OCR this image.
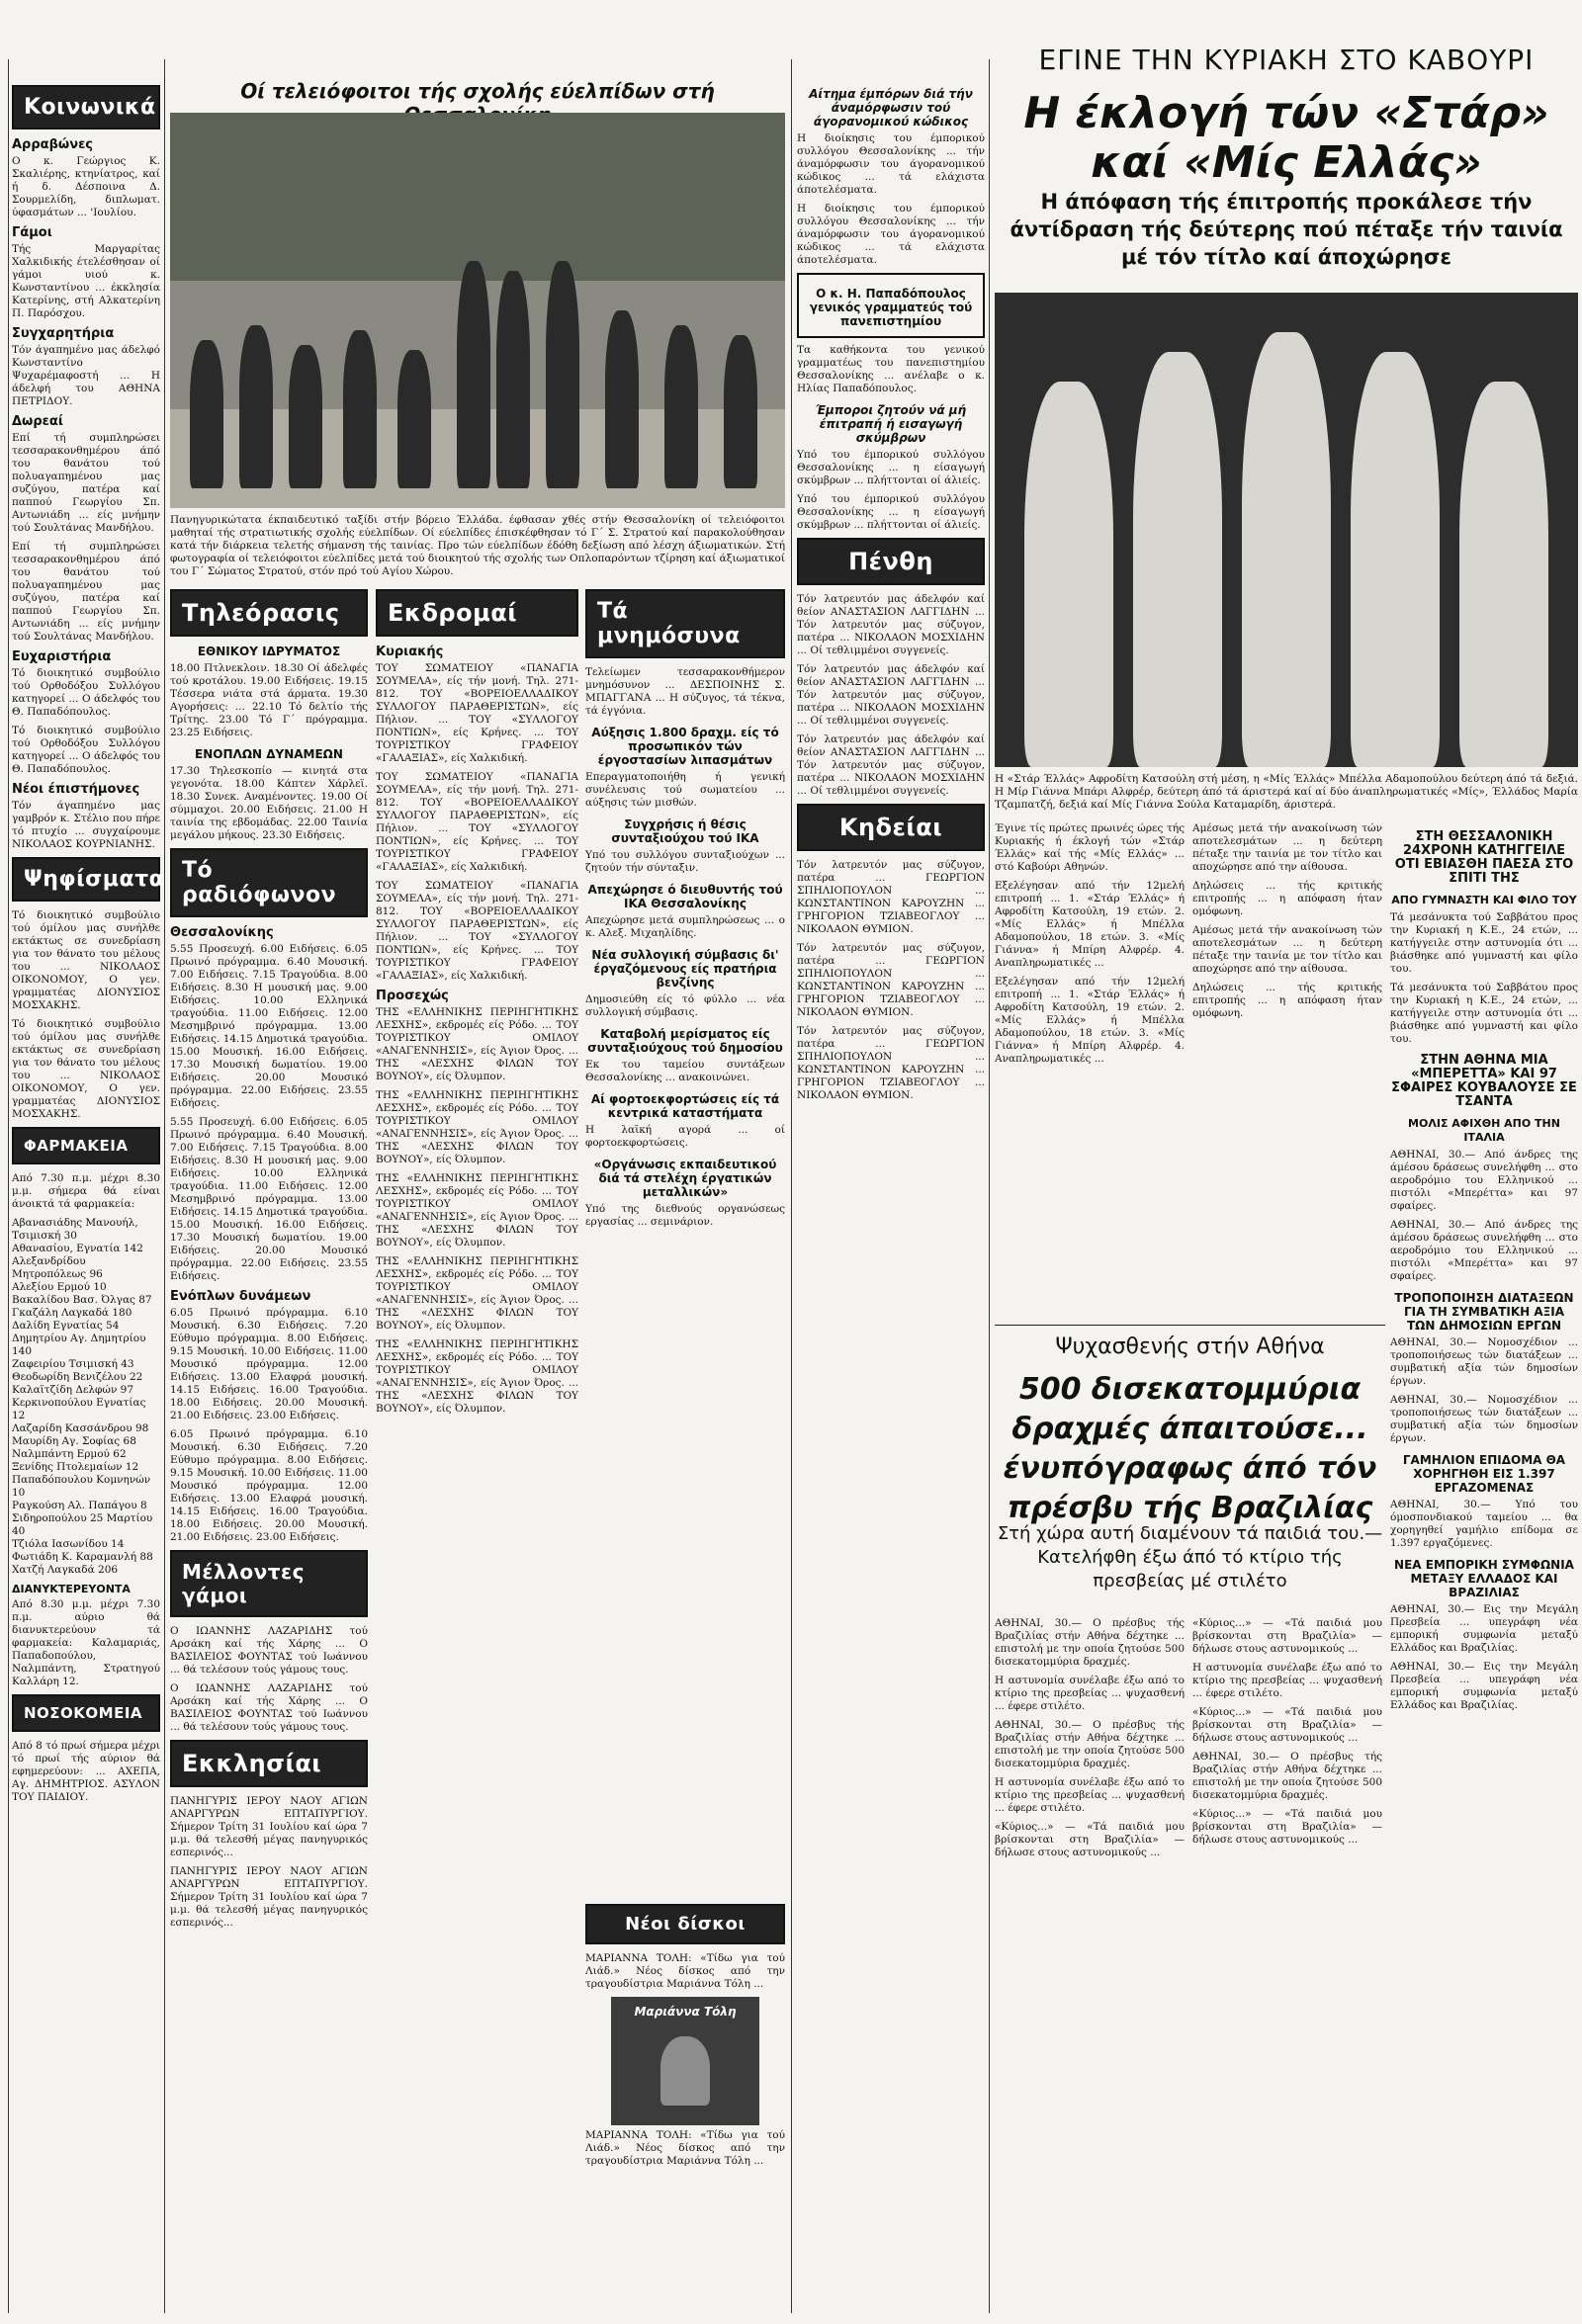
Κοινωνικά
Αρραβώνες

Ο κ. Γεώργιος Κ. Σκαλιέρης, κτηνίατρος, καί ή δ. Δέσποινα Δ. Σουρμελίδη, διπλωματ. ύφασμάτων ... 'Ιουλίου.

Γάμοι

Τής Μαργαρίτας Χαλκιδικής έτελέσθησαν οί γάμοι υιού κ. Κωνσταντίνου ... έκκλησία Κατερίνης, στή Αλκατερίνη Π. Παρόσχου.

Συγχαρητήρια

Τόν άγαπημένο μας άδελφό Κωνσταντίνο Ψυχαρέμαφοστή ... Η άδελφή του ΑΘΗΝΑ ΠΕΤΡΙΔΟΥ.

Δωρεαί

Επί τή συμπληρώσει τεσσαρακονθημέρου άπό του θανάτου τού πολυαγαπημένου μας συζύγου, πατέρα καί παππού Γεωργίου Σπ. Αντωνιάδη ... είς μνήμην τού Σουλτάνας Μανδήλου.

Επί τή συμπληρώσει τεσσαρακονθημέρου άπό του θανάτου τού πολυαγαπημένου μας συζύγου, πατέρα καί παππού Γεωργίου Σπ. Αντωνιάδη ... είς μνήμην τού Σουλτάνας Μανδήλου.

Ευχαριστήρια

Τό διοικητικό συμβούλιο τού Ορθοδόξου Συλλόγου κατηγορεί ... Ο άδελφός του Θ. Παπαδόπουλος.

Τό διοικητικό συμβούλιο τού Ορθοδόξου Συλλόγου κατηγορεί ... Ο άδελφός του Θ. Παπαδόπουλος.

Νέοι έπιστήμονες

Τόν άγαπημένο μας γαμβρόν κ. Στέλιο που πήρε τό πτυχίο ... συγχαίρουμε ΝΙΚΟΛΑΟΣ ΚΟΥΡΝΙΑΝΗΣ.

Ψηφίσματα

Τό διοικητικό συμβούλιο τού όμίλου μας συνήλθε εκτάκτως σε συνεδρίαση για τον θάνατο του μέλους του ... ΝΙΚΟΛΑΟΣ ΟΙΚΟΝΟΜΟΥ, Ο γεν. γραμματέας ΔΙΟΝΥΣΙΟΣ ΜΟΣΧΑΚΗΣ.

Τό διοικητικό συμβούλιο τού όμίλου μας συνήλθε εκτάκτως σε συνεδρίαση για τον θάνατο του μέλους του ... ΝΙΚΟΛΑΟΣ ΟΙΚΟΝΟΜΟΥ, Ο γεν. γραμματέας ΔΙΟΝΥΣΙΟΣ ΜΟΣΧΑΚΗΣ.

ΦΑΡΜΑΚΕΙΑ

Από 7.30 π.μ. μέχρι 8.30 μ.μ. σήμερα θά είναι άνοικτά τά φαρμακεία:

Αβανασιάδης Μανουήλ, Τσιμισκή 30
Αθανασίου, Εγνατία 142
Αλεξανδρίδου Μητροπόλεως 96
Αλεξίου Ερμού 10
Βακαλίδου Βασ. Όλγας 87
Γκαζάλη Λαγκαδά 180
Δαλίδη Εγνατίας 54
Δημητρίου Αγ. Δημητρίου 140
Ζαφειρίου Τσιμισκή 43
Θεοδωρίδη Βενιζέλου 22
Καλαϊτζίδη Δελφών 97
Κερκινοπούλου Εγνατίας 12
Λαζαρίδη Κασσάνδρου 98
Μαυρίδη Αγ. Σοφίας 68
Ναλμπάντη Ερμού 62
Ξενίδης Πτολεμαίων 12
Παπαδόπουλου Κομνηνών 10
Ραγκούση Αλ. Παπάγου 8
Σιδηροπούλου 25 Μαρτίου 40
Τζιόλα Ιασωνίδου 14
Φωτιάδη Κ. Καραμανλή 88
Χατζή Λαγκαδά 206
ΔΙΑΝΥΚΤΕΡΕΥΟΝΤΑ

Από 8.30 μ.μ. μέχρι 7.30 π.μ. αύριο θά διανυκτερεύουν τά φαρμακεία: Καλαμαριάς, Παπαδοπούλου, Ναλμπάντη, Στρατηγού Καλλάρη 12.

ΝΟΣΟΚΟΜΕΙΑ

Από 8 τό πρωί σήμερα μέχρι τό πρωί τής αύριον θά εφημερεύουν: ... ΑΧΕΠΑ, Αγ. ΔΗΜΗΤΡΙΟΣ. ΑΣΥΛΟΝ ΤΟΥ ΠΑΙΔΙΟΥ.

Οί τελειόφοιτοι τής σχολής εύελπίδων στή
Πανηγυρικώτατα έκπαιδευτικό ταξίδι στήν βόρειο Έλλάδα. έφθασαν χθές στήν Θεσσαλονίκη οί τελειόφοιτοι μαθηταί τής στρατιωτικής σχολής εύελπίδων. Οί εύελπίδες έπισκέφθησαν τό Γ΄ Σ. Στρατού καί παρακολούθησαν κατά τήν διάρκεια τελετής σήμανση τής ταινίας. Προ τών εύελπίδων έδόθη δεξίωση από λέσχη άξιωματικών. Στή φωτογραφία οί τελειόφοιτοι εύελπίδες μετά τού διοικητού τής σχολής των Οπλοπαρόντων τζίρηση καί άξιωματικοί του Γ΄ Σώματος Στρατού, στόν πρό τού Αγίου Χώρου.
Τηλεόρασις
ΕΘΝΙΚΟΥ ΙΔΡΥΜΑΤΟΣ

18.00 Πτλνεκλοιν. 18.30 Οί άδελφές τού κροτάλου. 19.00 Ειδήσεις. 19.15 Τέσσερα νιάτα στά άρματα. 19.30 Αγορήσεις: ... 22.10 Τό δελτίο τής Τρίτης. 23.00 Τό Γ΄ πρόγραμμα. 23.25 Ειδήσεις.

ΕΝΟΠΛΩΝ ΔΥΝΑΜΕΩΝ

17.30 Τηλεσκοπίο — κινητά στα γεγονότα. 18.00 Κάπτεν Χάρλεϊ. 18.30 Συνεκ. Αναμένοντες. 19.00 Οί σύμμαχοι. 20.00 Ειδήσεις. 21.00 Η ταινία της εβδομάδας. 22.00 Ταινία μεγάλου μήκους. 23.30 Ειδήσεις.

Τό ραδιόφωνον
Θεσσαλονίκης

5.55 Προσευχή. 6.00 Ειδήσεις. 6.05 Πρωινό πρόγραμμα. 6.40 Μουσική. 7.00 Ειδήσεις. 7.15 Τραγούδια. 8.00 Ειδήσεις. 8.30 Η μουσική μας. 9.00 Ειδήσεις. 10.00 Ελληνικά τραγούδια. 11.00 Ειδήσεις. 12.00 Μεσημβρινό πρόγραμμα. 13.00 Ειδήσεις. 14.15 Δημοτικά τραγούδια. 15.00 Μουσική. 16.00 Ειδήσεις. 17.30 Μουσική δωματίου. 19.00 Ειδήσεις. 20.00 Μουσικό πρόγραμμα. 22.00 Ειδήσεις. 23.55 Ειδήσεις.

5.55 Προσευχή. 6.00 Ειδήσεις. 6.05 Πρωινό πρόγραμμα. 6.40 Μουσική. 7.00 Ειδήσεις. 7.15 Τραγούδια. 8.00 Ειδήσεις. 8.30 Η μουσική μας. 9.00 Ειδήσεις. 10.00 Ελληνικά τραγούδια. 11.00 Ειδήσεις. 12.00 Μεσημβρινό πρόγραμμα. 13.00 Ειδήσεις. 14.15 Δημοτικά τραγούδια. 15.00 Μουσική. 16.00 Ειδήσεις. 17.30 Μουσική δωματίου. 19.00 Ειδήσεις. 20.00 Μουσικό πρόγραμμα. 22.00 Ειδήσεις. 23.55 Ειδήσεις.

Ενόπλων δυνάμεων

6.05 Πρωινό πρόγραμμα. 6.10 Μουσική. 6.30 Ειδήσεις. 7.20 Εύθυμο πρόγραμμα. 8.00 Ειδήσεις. 9.15 Μουσική. 10.00 Ειδήσεις. 11.00 Μουσικό πρόγραμμα. 12.00 Ειδήσεις. 13.00 Ελαφρά μουσική. 14.15 Ειδήσεις. 16.00 Τραγούδια. 18.00 Ειδήσεις. 20.00 Μουσική. 21.00 Ειδήσεις. 23.00 Ειδήσεις.

6.05 Πρωινό πρόγραμμα. 6.10 Μουσική. 6.30 Ειδήσεις. 7.20 Εύθυμο πρόγραμμα. 8.00 Ειδήσεις. 9.15 Μουσική. 10.00 Ειδήσεις. 11.00 Μουσικό πρόγραμμα. 12.00 Ειδήσεις. 13.00 Ελαφρά μουσική. 14.15 Ειδήσεις. 16.00 Τραγούδια. 18.00 Ειδήσεις. 20.00 Μουσική. 21.00 Ειδήσεις. 23.00 Ειδήσεις.

Μέλλοντες γάμοι

Ο ΙΩΑΝΝΗΣ ΛΑΖΑΡΙΔΗΣ τού Αρσάκη καί τής Χάρης ... Ο ΒΑΣΙΛΕΙΟΣ ΦΟΥΝΤΑΣ τού Ιωάννου ... θά τελέσουν τούς γάμους τους.

Ο ΙΩΑΝΝΗΣ ΛΑΖΑΡΙΔΗΣ τού Αρσάκη καί τής Χάρης ... Ο ΒΑΣΙΛΕΙΟΣ ΦΟΥΝΤΑΣ τού Ιωάννου ... θά τελέσουν τούς γάμους τους.

Εκκλησίαι

ΠΑΝΗΓΥΡΙΣ ΙΕΡΟΥ ΝΑΟΥ ΑΓΙΩΝ ΑΝΑΡΓΥΡΩΝ ΕΠΤΑΠΥΡΓΙΟΥ. Σήμερον Τρίτη 31 Ιουλίου καί ώρα 7 μ.μ. θά τελεσθή μέγας πανηγυρικός εσπερινός...

ΠΑΝΗΓΥΡΙΣ ΙΕΡΟΥ ΝΑΟΥ ΑΓΙΩΝ ΑΝΑΡΓΥΡΩΝ ΕΠΤΑΠΥΡΓΙΟΥ. Σήμερον Τρίτη 31 Ιουλίου καί ώρα 7 μ.μ. θά τελεσθή μέγας πανηγυρικός εσπερινός...

Εκδρομαί
Κυριακής

ΤΟΥ ΣΩΜΑΤΕΙΟΥ «ΠΑΝΑΓΙΑ ΣΟΥΜΕΛΑ», είς τήν μονή. Τηλ. 271-812. ΤΟΥ «ΒΟΡΕΙΟΕΛΛΑΔΙΚΟΥ ΣΥΛΛΟΓΟΥ ΠΑΡΑΘΕΡΙΣΤΩΝ», είς Πήλιον. ... ΤΟΥ «ΣΥΛΛΟΓΟΥ ΠΟΝΤΙΩΝ», είς Κρήνες. ... ΤΟΥ ΤΟΥΡΙΣΤΙΚΟΥ ΓΡΑΦΕΙΟΥ «ΓΑΛΑΞΙΑΣ», είς Χαλκιδική.

ΤΟΥ ΣΩΜΑΤΕΙΟΥ «ΠΑΝΑΓΙΑ ΣΟΥΜΕΛΑ», είς τήν μονή. Τηλ. 271-812. ΤΟΥ «ΒΟΡΕΙΟΕΛΛΑΔΙΚΟΥ ΣΥΛΛΟΓΟΥ ΠΑΡΑΘΕΡΙΣΤΩΝ», είς Πήλιον. ... ΤΟΥ «ΣΥΛΛΟΓΟΥ ΠΟΝΤΙΩΝ», είς Κρήνες. ... ΤΟΥ ΤΟΥΡΙΣΤΙΚΟΥ ΓΡΑΦΕΙΟΥ «ΓΑΛΑΞΙΑΣ», είς Χαλκιδική.

ΤΟΥ ΣΩΜΑΤΕΙΟΥ «ΠΑΝΑΓΙΑ ΣΟΥΜΕΛΑ», είς τήν μονή. Τηλ. 271-812. ΤΟΥ «ΒΟΡΕΙΟΕΛΛΑΔΙΚΟΥ ΣΥΛΛΟΓΟΥ ΠΑΡΑΘΕΡΙΣΤΩΝ», είς Πήλιον. ... ΤΟΥ «ΣΥΛΛΟΓΟΥ ΠΟΝΤΙΩΝ», είς Κρήνες. ... ΤΟΥ ΤΟΥΡΙΣΤΙΚΟΥ ΓΡΑΦΕΙΟΥ «ΓΑΛΑΞΙΑΣ», είς Χαλκιδική.

Προσεχώς

ΤΗΣ «ΕΛΛΗΝΙΚΗΣ ΠΕΡΙΗΓΗΤΙΚΗΣ ΛΕΣΧΗΣ», εκδρομές είς Ρόδο. ... ΤΟΥ ΤΟΥΡΙΣΤΙΚΟΥ ΟΜΙΛΟΥ «ΑΝΑΓΕΝΝΗΣΙΣ», είς Άγιον Όρος. ... ΤΗΣ «ΛΕΣΧΗΣ ΦΙΛΩΝ ΤΟΥ ΒΟΥΝΟΥ», είς Όλυμπον.

ΤΗΣ «ΕΛΛΗΝΙΚΗΣ ΠΕΡΙΗΓΗΤΙΚΗΣ ΛΕΣΧΗΣ», εκδρομές είς Ρόδο. ... ΤΟΥ ΤΟΥΡΙΣΤΙΚΟΥ ΟΜΙΛΟΥ «ΑΝΑΓΕΝΝΗΣΙΣ», είς Άγιον Όρος. ... ΤΗΣ «ΛΕΣΧΗΣ ΦΙΛΩΝ ΤΟΥ ΒΟΥΝΟΥ», είς Όλυμπον.

ΤΗΣ «ΕΛΛΗΝΙΚΗΣ ΠΕΡΙΗΓΗΤΙΚΗΣ ΛΕΣΧΗΣ», εκδρομές είς Ρόδο. ... ΤΟΥ ΤΟΥΡΙΣΤΙΚΟΥ ΟΜΙΛΟΥ «ΑΝΑΓΕΝΝΗΣΙΣ», είς Άγιον Όρος. ... ΤΗΣ «ΛΕΣΧΗΣ ΦΙΛΩΝ ΤΟΥ ΒΟΥΝΟΥ», είς Όλυμπον.

ΤΗΣ «ΕΛΛΗΝΙΚΗΣ ΠΕΡΙΗΓΗΤΙΚΗΣ ΛΕΣΧΗΣ», εκδρομές είς Ρόδο. ... ΤΟΥ ΤΟΥΡΙΣΤΙΚΟΥ ΟΜΙΛΟΥ «ΑΝΑΓΕΝΝΗΣΙΣ», είς Άγιον Όρος. ... ΤΗΣ «ΛΕΣΧΗΣ ΦΙΛΩΝ ΤΟΥ ΒΟΥΝΟΥ», είς Όλυμπον.

ΤΗΣ «ΕΛΛΗΝΙΚΗΣ ΠΕΡΙΗΓΗΤΙΚΗΣ ΛΕΣΧΗΣ», εκδρομές είς Ρόδο. ... ΤΟΥ ΤΟΥΡΙΣΤΙΚΟΥ ΟΜΙΛΟΥ «ΑΝΑΓΕΝΝΗΣΙΣ», είς Άγιον Όρος. ... ΤΗΣ «ΛΕΣΧΗΣ ΦΙΛΩΝ ΤΟΥ ΒΟΥΝΟΥ», είς Όλυμπον.

Τά μνημόσυνα

Τελείωμεν τεσσαρακονθήμερον μνημόσυνον ... ΔΕΣΠΟΙΝΗΣ Σ. ΜΠΑΓΓΑΝΑ ... Η σύζυγος, τά τέκνα, τά έγγόνια.

Αύξησις 1.800 δραχμ. είς τό προσωπικόν τών έργοστασίων λιπασμάτων

Επεραγματοποιήθη ή γενική συνέλευσις τού σωματείου ... αύξησις τών μισθών.

Συγχρήσις ή θέσις συνταξιούχου τού ΙΚΑ

Υπό του συλλόγου συνταξιούχων ... ζητούν τήν σύνταξιν.

Απεχώρησε ό διευθυντής τού ΙΚΑ Θεσσαλονίκης

Απεχώρησε μετά συμπληρώσεως ... ο κ. Αλεξ. Μιχαηλίδης.

Νέα συλλογική σύμβασις δι' έργαζόμενους είς πρατήρια βενζίνης

Δημοσιεύθη είς τό φύλλο ... νέα συλλογική σύμβασις.

Καταβολή μερίσματος είς συνταξιούχους τού δημοσίου

Εκ του ταμείου συντάξεων Θεσσαλονίκης ... ανακοινώνει.

Αί φορτοεκφορτώσεις είς τά κεντρικά καταστήματα

Η λαϊκή αγορά ... οί φορτοεκφορτώσεις.

«Οργάνωσις εκπαιδευτικού διά τά στελέχη έργατικών μεταλλικών»

Υπό της διεθνούς οργανώσεως εργασίας ... σεμινάριον.

Αίτημα έμπόρων διά τήν άναμόρφωσιν τού άγορανομικού κώδικος

Η διοίκησις του έμπορικού συλλόγου Θεσσαλονίκης ... τήν άναμόρφωσιν του άγορανομικού κώδικος ... τά ελάχιστα άποτελέσματα.

Η διοίκησις του έμπορικού συλλόγου Θεσσαλονίκης ... τήν άναμόρφωσιν του άγορανομικού κώδικος ... τά ελάχιστα άποτελέσματα.

Ο κ. Η. Παπαδόπουλος γενικός γραμματεύς τού πανεπιστημίου

Τα καθήκοντα του γενικού γραμματέως του πανεπιστημίου Θεσσαλονίκης ... ανέλαβε ο κ. Ηλίας Παπαδόπουλος.

Έμποροι ζητούν νά μή έπιτραπή ή εισαγωγή σκύμβρων

Υπό του έμπορικού συλλόγου Θεσσαλονίκης ... η είσαγωγή σκύμβρων ... πλήττονται οί άλιείς.

Υπό του έμπορικού συλλόγου Θεσσαλονίκης ... η είσαγωγή σκύμβρων ... πλήττονται οί άλιείς.

Πένθη

Τόν λατρευτόν μας άδελφόν καί θείον ΑΝΑΣΤΑΣΙΟΝ ΛΑΓΓΙΔΗΝ ... Τόν λατρευτόν μας σύζυγον, πατέρα ... ΝΙΚΟΛΑΟΝ ΜΟΣΧΙΔΗΝ ... Οί τεθλιμμένοι συγγενείς.

Τόν λατρευτόν μας άδελφόν καί θείον ΑΝΑΣΤΑΣΙΟΝ ΛΑΓΓΙΔΗΝ ... Τόν λατρευτόν μας σύζυγον, πατέρα ... ΝΙΚΟΛΑΟΝ ΜΟΣΧΙΔΗΝ ... Οί τεθλιμμένοι συγγενείς.

Τόν λατρευτόν μας άδελφόν καί θείον ΑΝΑΣΤΑΣΙΟΝ ΛΑΓΓΙΔΗΝ ... Τόν λατρευτόν μας σύζυγον, πατέρα ... ΝΙΚΟΛΑΟΝ ΜΟΣΧΙΔΗΝ ... Οί τεθλιμμένοι συγγενείς.

Κηδείαι

Τόν λατρευτόν μας σύζυγον, πατέρα ... ΓΕΩΡΓΙΟΝ ΣΠΗΛΙΟΠΟΥΛΟΝ ... ΚΩΝΣΤΑΝΤΙΝΟΝ ΚΑΡΟΥΖΗΝ ... ΓΡΗΓΟΡΙΟΝ ΤΖΙΑΒΕΟΓΛΟΥ ... ΝΙΚΟΛΑΟΝ ΘΥΜΙΟΝ.

Τόν λατρευτόν μας σύζυγον, πατέρα ... ΓΕΩΡΓΙΟΝ ΣΠΗΛΙΟΠΟΥΛΟΝ ... ΚΩΝΣΤΑΝΤΙΝΟΝ ΚΑΡΟΥΖΗΝ ... ΓΡΗΓΟΡΙΟΝ ΤΖΙΑΒΕΟΓΛΟΥ ... ΝΙΚΟΛΑΟΝ ΘΥΜΙΟΝ.

Τόν λατρευτόν μας σύζυγον, πατέρα ... ΓΕΩΡΓΙΟΝ ΣΠΗΛΙΟΠΟΥΛΟΝ ... ΚΩΝΣΤΑΝΤΙΝΟΝ ΚΑΡΟΥΖΗΝ ... ΓΡΗΓΟΡΙΟΝ ΤΖΙΑΒΕΟΓΛΟΥ ... ΝΙΚΟΛΑΟΝ ΘΥΜΙΟΝ.

Νέοι δίσκοι

ΜΑΡΙΑΝΝΑ ΤΟΛΗ: «Τίδω για τού Λιάδ.» Νέος δίσκος από την τραγουδίστρια Μαριάννα Τόλη ...

Μαριάννα Τόλη

ΜΑΡΙΑΝΝΑ ΤΟΛΗ: «Τίδω για τού Λιάδ.» Νέος δίσκος από την τραγουδίστρια Μαριάννα Τόλη ...

ΕΓΙΝΕ ΤΗΝ ΚΥΡΙΑΚΗ ΣΤΟ ΚΑΒΟΥΡΙ
Η έκλογή τών «Στάρ» καί «Μίς Ελλάς»
Η άπόφαση τής έπιτροπής προκάλεσε τήν άντίδραση τής δεύτερης πού πέταξε τήν ταινία μέ τόν τίτλο καί άποχώρησε
Η «Στάρ Έλλάς» Αφροδίτη Κατσούλη στή μέση, η «Μίς Έλλάς» Μπέλλα Αδαμοπούλου δεύτερη άπό τά δεξιά. Η Μίρ Γιάννα Μπάρι Αλφρέρ, δεύτερη άπό τά άριστερά καί αί δύο άναπληρωματικές «Μίς», Έλλάδος Μαρία Τζαμπατζή, δεξιά καί Μίς Γιάννα Σούλα Καταμαρίδη, άριστερά.

Έγινε τίς πρώτες πρωινές ώρες τής Κυριακής ή έκλογή τών «Στάρ Έλλάς» καί τής «Μίς Ελλάς» ... στό Καβούρι Αθηνών.

Εξελέγησαν από τήν 12μελή επιτροπή ... 1. «Στάρ Έλλάς» ή Αφροδίτη Κατσούλη, 19 ετών. 2. «Μίς Ελλάς» ή Μπέλλα Αδαμοπούλου, 18 ετών. 3. «Μίς Γιάννα» ή Μπίρη Αλφρέρ. 4. Αναπληρωματικές ...

Εξελέγησαν από τήν 12μελή επιτροπή ... 1. «Στάρ Έλλάς» ή Αφροδίτη Κατσούλη, 19 ετών. 2. «Μίς Ελλάς» ή Μπέλλα Αδαμοπούλου, 18 ετών. 3. «Μίς Γιάννα» ή Μπίρη Αλφρέρ. 4. Αναπληρωματικές ...

Αμέσως μετά τήν ανακοίνωση τών αποτελεσμάτων ... η δεύτερη πέταξε την ταινία με τον τίτλο και αποχώρησε από την αίθουσα.

Δηλώσεις ... τής κριτικής επιτροπής ... η απόφαση ήταν ομόφωνη.

Αμέσως μετά τήν ανακοίνωση τών αποτελεσμάτων ... η δεύτερη πέταξε την ταινία με τον τίτλο και αποχώρησε από την αίθουσα.

Δηλώσεις ... τής κριτικής επιτροπής ... η απόφαση ήταν ομόφωνη.

ΣΤΗ ΘΕΣΣΑΛΟΝΙΚΗ 24ΧΡΟΝΗ ΚΑΤΗΓΓΕΙΛΕ ΟΤΙ ΕΒΙΑΣΘΗ ΠΑΕΣΑ ΣΤΟ ΣΠΙΤΙ ΤΗΣ
ΑΠΟ ΓΥΜΝΑΣΤΗ ΚΑΙ ΦΙΛΟ ΤΟΥ

Τά μεσάνυκτα τού Σαββάτου προς την Κυριακή η Κ.Ε., 24 ετών, ... κατήγγειλε στην αστυνομία ότι ... βιάσθηκε από γυμναστή και φίλο του.

Τά μεσάνυκτα τού Σαββάτου προς την Κυριακή η Κ.Ε., 24 ετών, ... κατήγγειλε στην αστυνομία ότι ... βιάσθηκε από γυμναστή και φίλο του.

ΣΤΗΝ ΑΘΗΝΑ ΜΙΑ «ΜΠΕΡΕΤΤΑ» ΚΑΙ 97 ΣΦΑΙΡΕΣ ΚΟΥΒΑΛΟΥΣΕ ΣΕ ΤΣΑΝΤΑ
ΜΟΛΙΣ ΑΦΙΧΘΗ ΑΠΟ ΤΗΝ ΙΤΑΛΙΑ

ΑΘΗΝΑΙ, 30.— Από άνδρες της άμέσου δράσεως συνελήφθη ... στο αεροδρόμιο του Ελληνικού ... πιστόλι «Μπερέττα» και 97 σφαίρες.

ΑΘΗΝΑΙ, 30.— Από άνδρες της άμέσου δράσεως συνελήφθη ... στο αεροδρόμιο του Ελληνικού ... πιστόλι «Μπερέττα» και 97 σφαίρες.

ΤΡΟΠΟΠΟΙΗΣΗ ΔΙΑΤΑΞΕΩΝ ΓΙΑ ΤΗ ΣΥΜΒΑΤΙΚΗ ΑΞΙΑ ΤΩΝ ΔΗΜΟΣΙΩΝ ΕΡΓΩΝ

ΑΘΗΝΑΙ, 30.— Νομοσχέδιον ... τροποποιήσεως τών διατάξεων ... συμβατική αξία τών δημοσίων έργων.

ΑΘΗΝΑΙ, 30.— Νομοσχέδιον ... τροποποιήσεως τών διατάξεων ... συμβατική αξία τών δημοσίων έργων.

ΓΑΜΗΛΙΟΝ ΕΠΙΔΟΜΑ ΘΑ ΧΟΡΗΓΗΘΗ ΕΙΣ 1.397 ΕΡΓΑΖΟΜΕΝΑΣ

ΑΘΗΝΑΙ, 30.— Υπό του όμοσπονδιακού ταμείου ... θα χορηγηθεί γαμήλιο επίδομα σε 1.397 εργαζόμενες.

ΝΕΑ ΕΜΠΟΡΙΚΗ ΣΥΜΦΩΝΙΑ ΜΕΤΑΞΥ ΕΛΛΑΔΟΣ ΚΑΙ ΒΡΑΖΙΛΙΑΣ

ΑΘΗΝΑΙ, 30.— Εις την Μεγάλη Πρεσβεία ... υπεγράφη νέα εμπορική συμφωνία μεταξύ Ελλάδος και Βραζιλίας.

ΑΘΗΝΑΙ, 30.— Εις την Μεγάλη Πρεσβεία ... υπεγράφη νέα εμπορική συμφωνία μεταξύ Ελλάδος και Βραζιλίας.

Ψυχασθενής στήν Αθήνα
500 δισεκατομμύρια δραχμές άπαιτούσε... ένυπόγραφως άπό τόν πρέσβυ τής Βραζιλίας
Στή χώρα αυτή διαμένουν τά παιδιά του.— Κατελήφθη έξω άπό τό κτίριο τής πρεσβείας μέ στιλέτο

ΑΘΗΝΑΙ, 30.— Ο πρέσβυς τής Βραζιλίας στήν Αθήνα δέχτηκε ... επιστολή με την οποία ζητούσε 500 δισεκατομμύρια δραχμές.

Η αστυνομία συνέλαβε έξω από το κτίριο της πρεσβείας ... ψυχασθενή ... έφερε στιλέτο.

ΑΘΗΝΑΙ, 30.— Ο πρέσβυς τής Βραζιλίας στήν Αθήνα δέχτηκε ... επιστολή με την οποία ζητούσε 500 δισεκατομμύρια δραχμές.

Η αστυνομία συνέλαβε έξω από το κτίριο της πρεσβείας ... ψυχασθενή ... έφερε στιλέτο.

«Κύριος...» — «Τά παιδιά μου βρίσκονται στη Βραζιλία» — δήλωσε στους αστυνομικούς ...

«Κύριος...» — «Τά παιδιά μου βρίσκονται στη Βραζιλία» — δήλωσε στους αστυνομικούς ...

Η αστυνομία συνέλαβε έξω από το κτίριο της πρεσβείας ... ψυχασθενή ... έφερε στιλέτο.

«Κύριος...» — «Τά παιδιά μου βρίσκονται στη Βραζιλία» — δήλωσε στους αστυνομικούς ...

ΑΘΗΝΑΙ, 30.— Ο πρέσβυς τής Βραζιλίας στήν Αθήνα δέχτηκε ... επιστολή με την οποία ζητούσε 500 δισεκατομμύρια δραχμές.

«Κύριος...» — «Τά παιδιά μου βρίσκονται στη Βραζιλία» — δήλωσε στους αστυνομικούς ...
